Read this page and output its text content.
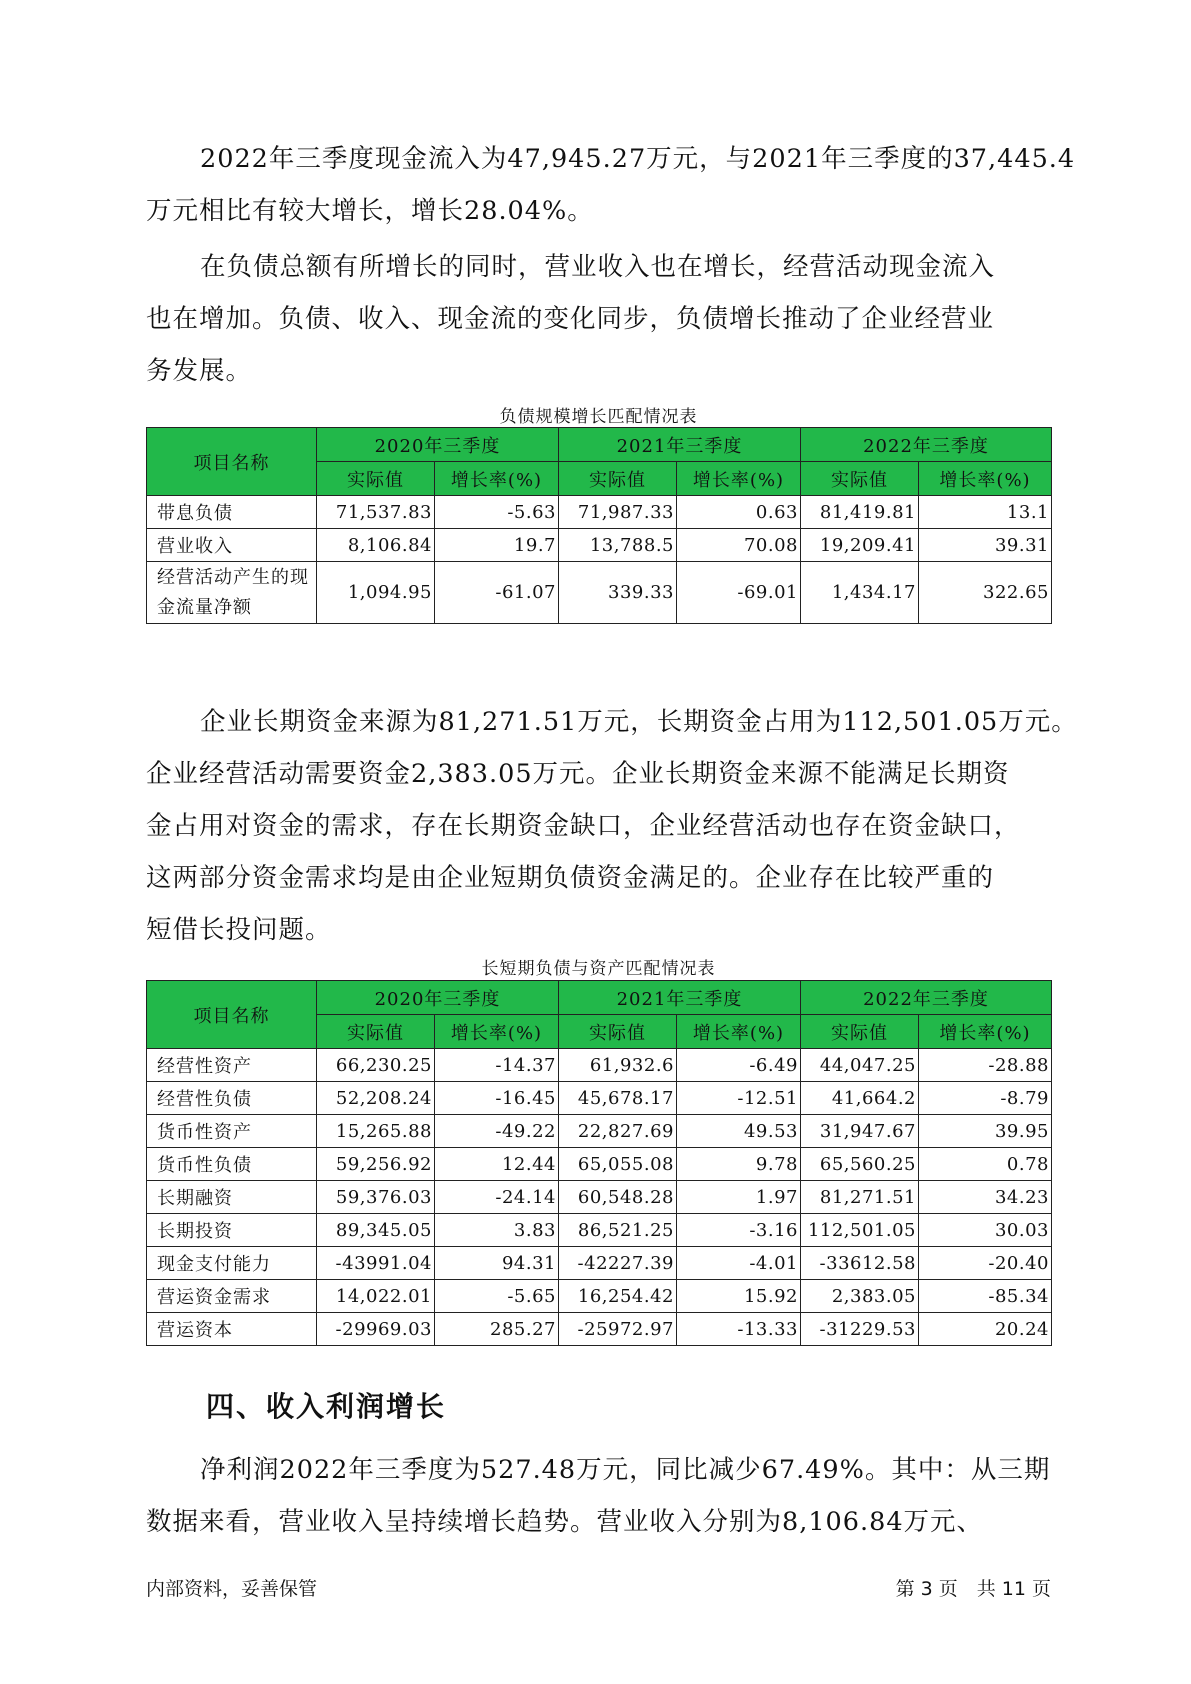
2022年三季度现金流入为47,945.27万元，与2021年三季度的37,445.4
万元相比有较大增长，增长28.04%。

在负债总额有所增长的同时，营业收入也在增长，经营活动现金流入
也在增加。负债、收入、现金流的变化同步，负债增长推动了企业经营业
务发展。

负债规模增长匹配情况表
项目名称	2020年三季度		2021年三季度		2022年三季度	
	实际值	增长率(%)	实际值	增长率(%)	实际值	增长率(%)
带息负债	71,537.83	-5.63	71,987.33	0.63	81,419.81	13.1
营业收入	8,106.84	19.7	13,788.5	70.08	19,209.41	39.31
经营活动产生的现金流量净额	1,094.95	-61.07	339.33	-69.01	1,434.17	322.65

企业长期资金来源为81,271.51万元，长期资金占用为112,501.05万元。
企业经营活动需要资金2,383.05万元。企业长期资金来源不能满足长期资
金占用对资金的需求，存在长期资金缺口，企业经营活动也存在资金缺口，
这两部分资金需求均是由企业短期负债资金满足的。企业存在比较严重的
短借长投问题。

长短期负债与资产匹配情况表
项目名称	2020年三季度		2021年三季度		2022年三季度	
	实际值	增长率(%)	实际值	增长率(%)	实际值	增长率(%)
经营性资产	66,230.25	-14.37	61,932.6	-6.49	44,047.25	-28.88
经营性负债	52,208.24	-16.45	45,678.17	-12.51	41,664.2	-8.79
货币性资产	15,265.88	-49.22	22,827.69	49.53	31,947.67	39.95
货币性负债	59,256.92	12.44	65,055.08	9.78	65,560.25	0.78
长期融资	59,376.03	-24.14	60,548.28	1.97	81,271.51	34.23
长期投资	89,345.05	3.83	86,521.25	-3.16	112,501.05	30.03
现金支付能力	-43991.04	94.31	-42227.39	-4.01	-33612.58	-20.40
营运资金需求	14,022.01	-5.65	16,254.42	15.92	2,383.05	-85.34
营运资本	-29969.03	285.27	-25972.97	-13.33	-31229.53	20.24
四、收入利润增长

净利润2022年三季度为527.48万元，同比减少67.49%。其中：从三期
数据来看，营业收入呈持续增长趋势。营业收入分别为8,106.84万元、

内部资料，妥善保管	第 3 页　共 11 页
